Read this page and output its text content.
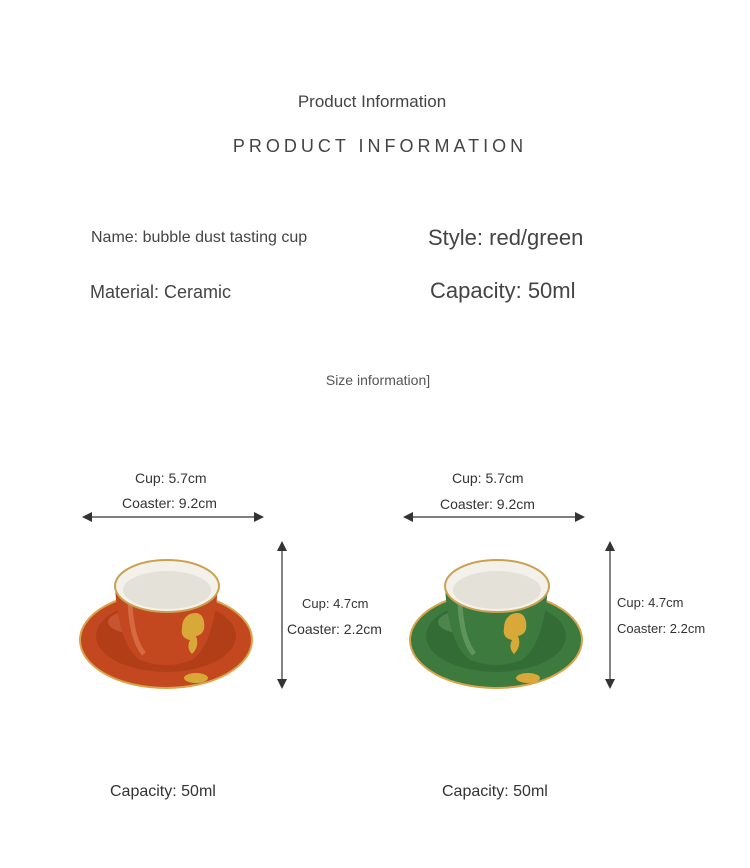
Product Information
PRODUCT INFORMATION
Name: bubble dust tasting cup	Style: red/green
Material: Ceramic	Capacity: 50ml
Size information]
Cup: 5.7cm
Coaster: 9.2cm
Cup: 4.7cm
Coaster: 2.2cm
Capacity: 50ml
Cup: 5.7cm
Coaster: 9.2cm
Cup: 4.7cm
Coaster: 2.2cm
Capacity: 50ml
